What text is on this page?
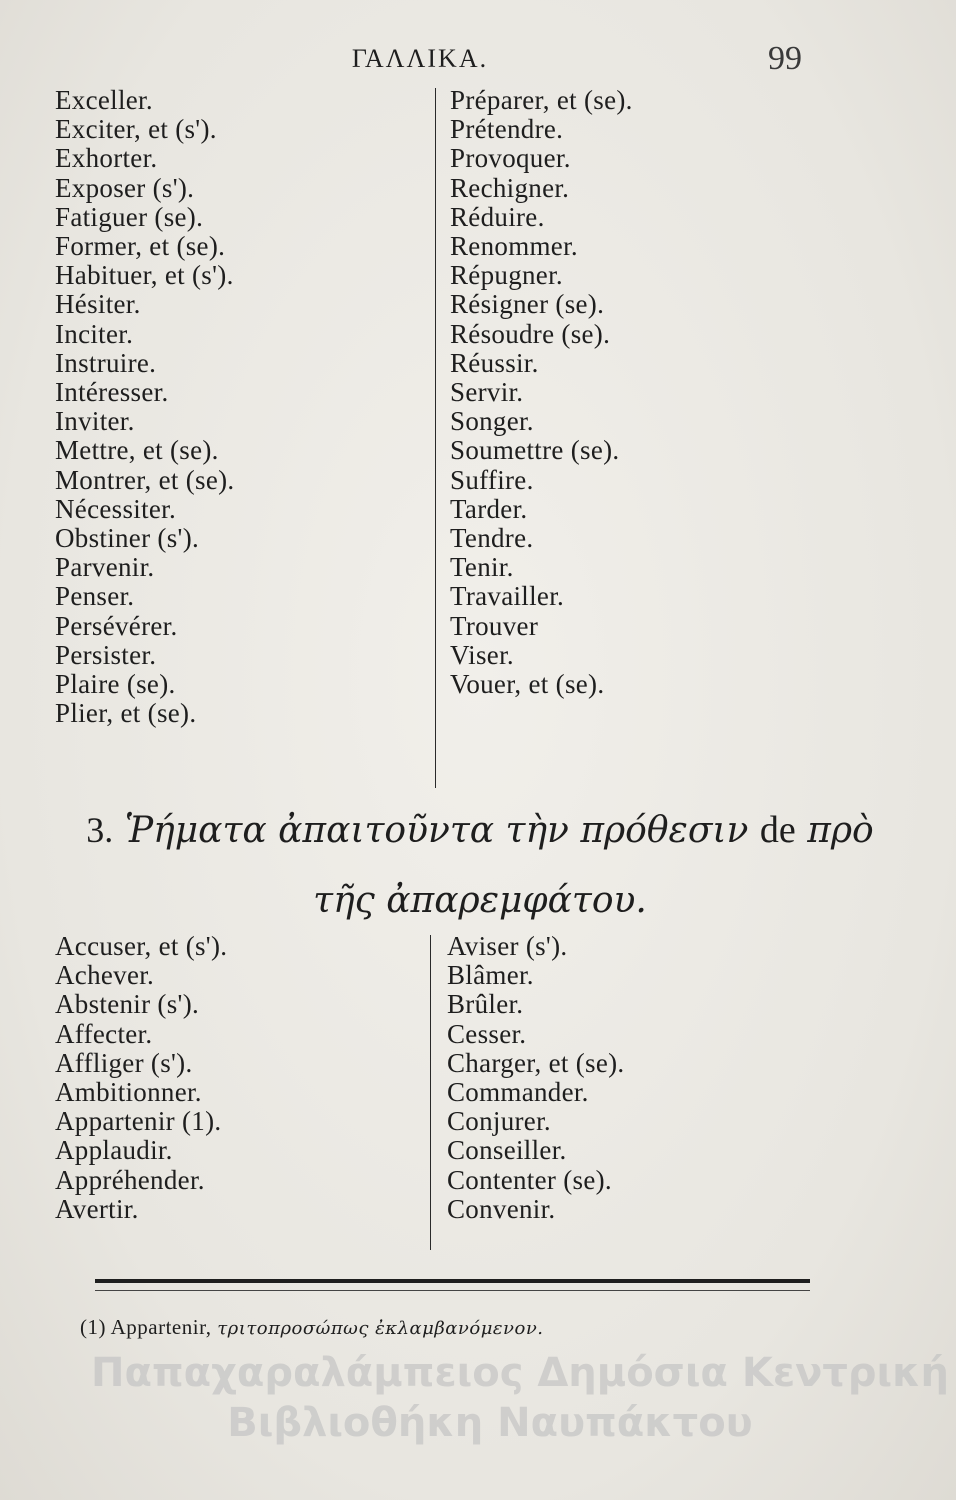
ΓΑΛΛΙΚΑ.	99
Exceller.
Exciter, et (s').
Exhorter.
Exposer (s').
Fatiguer (se).
Former, et (se).
Habituer, et (s').
Hésiter.
Inciter.
Instruire.
Intéresser.
Inviter.
Mettre, et (se).
Montrer, et (se).
Nécessiter.
Obstiner (s').
Parvenir.
Penser.
Persévérer.
Persister.
Plaire (se).
Plier, et (se).
Préparer, et (se).
Prétendre.
Provoquer.
Rechigner.
Réduire.
Renommer.
Répugner.
Résigner (se).
Résoudre (se).
Réussir.
Servir.
Songer.
Soumettre (se).
Suffire.
Tarder.
Tendre.
Tenir.
Travailler.
Trouver
Viser.
Vouer, et (se).
3. Ῥήματα ἀπαιτοῦντα τὴν πρόθεσιν de πρὸ
τῆς ἀπαρεμφάτου.
Accuser, et (s').
Achever.
Abstenir (s').
Affecter.
Affliger (s').
Ambitionner.
Appartenir (1).
Applaudir.
Appréhender.
Avertir.
Aviser (s').
Blâmer.
Brûler.
Cesser.
Charger, et (se).
Commander.
Conjurer.
Conseiller.
Contenter (se).
Convenir.
(1) Appartenir, τριτοπροσώπως ἐκλαμβανόμενον.
Παπαχαραλάμπειος Δημόσια Κεντρική
Βιβλιοθήκη Ναυπάκτου
